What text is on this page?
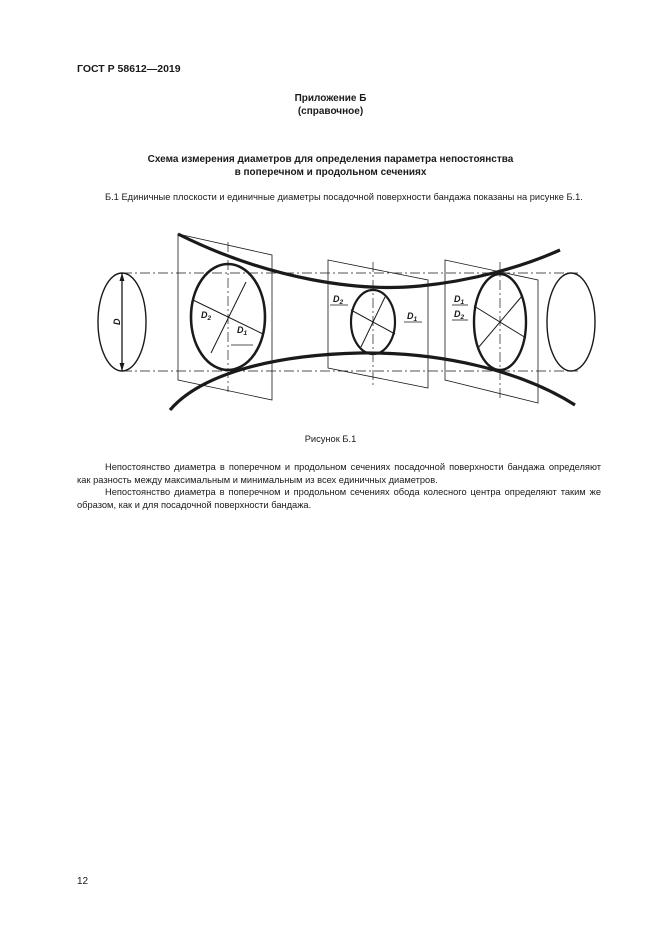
ГОСТ Р 58612—2019
Приложение Б
(справочное)
Схема измерения диаметров для определения параметра непостоянства
в поперечном и продольном сечениях
Б.1 Единичные плоскости и единичные диаметры посадочной поверхности бандажа показаны на рисунке Б.1.
D
$D_2$
$D_1$
$D_2$
$D_1$
$D_1$
$D_2$
Рисунок Б.1
Непостоянство диаметра в поперечном и продольном сечениях посадочной поверхности бандажа определяют как разность между максимальным и минимальным из всех единичных диаметров.
Непостоянство диаметра в поперечном и продольном сечениях обода колесного центра определяют таким же образом, как и для посадочной поверхности бандажа.
12
